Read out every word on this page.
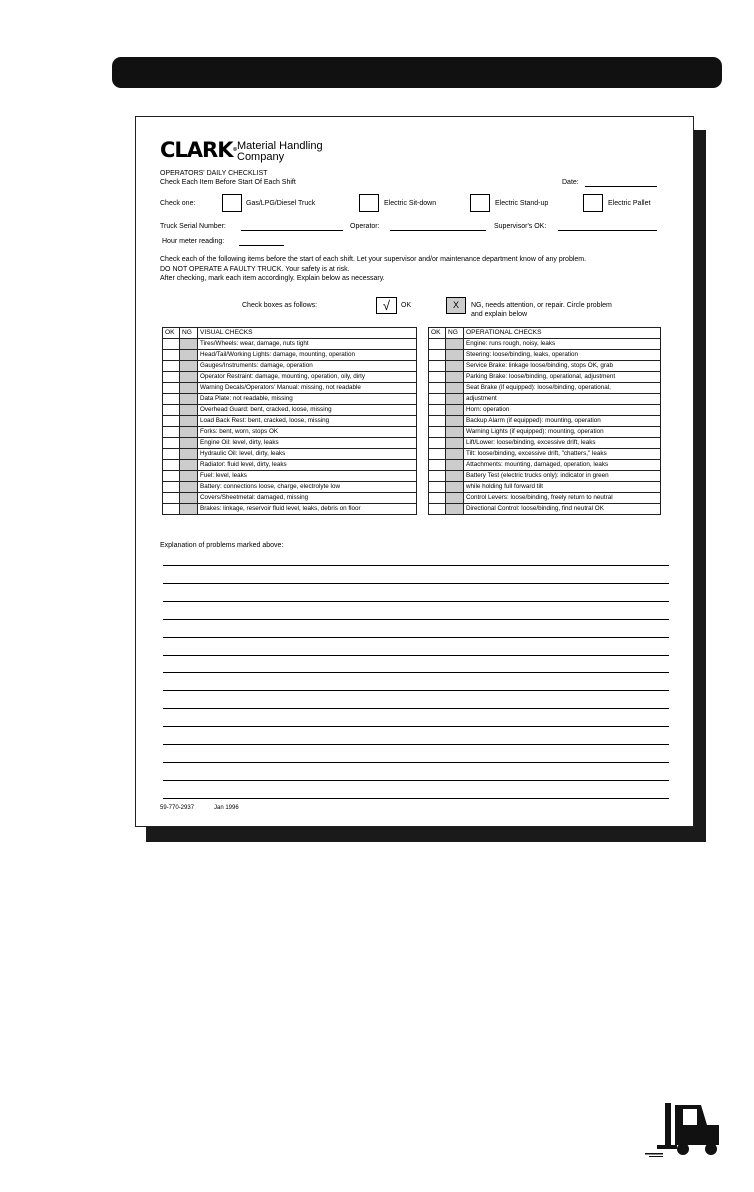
CLARK® Material Handling
Company
OPERATORS' DAILY CHECKLIST
Check Each Item Before Start Of Each Shift	Date:
Check one:	Gas/LPG/Diesel Truck	Electric Sit-down	Electric Stand-up	Electric Pallet
Truck Serial Number:	Operator:	Supervisor's OK:
Hour meter reading:
Check each of the following items before the start of each shift. Let your supervisor and/or maintenance department know of any problem.
DO NOT OPERATE A FAULTY TRUCK. Your safety is at risk.
After checking, mark each item accordingly. Explain below as necessary.
Check boxes as follows:	√	OK	X	NG, needs attention, or repair. Circle problem
and explain below
OK	NG	VISUAL CHECKS
		Tires/Wheels: wear, damage, nuts tight
		Head/Tail/Working Lights: damage, mounting, operation
		Gauges/Instruments: damage, operation
		Operator Restraint: damage, mounting, operation, oily, dirty
		Warning Decals/Operators' Manual: missing, not readable
		Data Plate: not readable, missing
		Overhead Guard: bent, cracked, loose, missing
		Load Back Rest: bent, cracked, loose, missing
		Forks: bent, worn, stops OK
		Engine Oil: level, dirty, leaks
		Hydraulic Oil: level, dirty, leaks
		Radiator: fluid level, dirty, leaks
		Fuel: level, leaks
		Battery: connections loose, charge, electrolyte low
		Covers/Sheetmetal: damaged, missing
		Brakes: linkage, reservoir fluid level, leaks, debris on floor
OK	NG	OPERATIONAL CHECKS
		Engine: runs rough, noisy, leaks
		Steering: loose/binding, leaks, operation
		Service Brake: linkage loose/binding, stops OK, grab
		Parking Brake: loose/binding, operational, adjustment
		Seat Brake (if equipped): loose/binding, operational,
		adjustment
		Horn: operation
		Backup Alarm (if equipped): mounting, operation
		Warning Lights (if equipped): mounting, operation
		Lift/Lower: loose/binding, excessive drift, leaks
		Tilt: loose/binding, excessive drift, "chatters," leaks
		Attachments: mounting, damaged, operation, leaks
		Battery Test (electric trucks only): indicator in green
		while holding full forward tilt
		Control Levers: loose/binding, freely return to neutral
		Directional Control: loose/binding, find neutral OK
Explanation of problems marked above:
59-770-2937	Jan 1996
